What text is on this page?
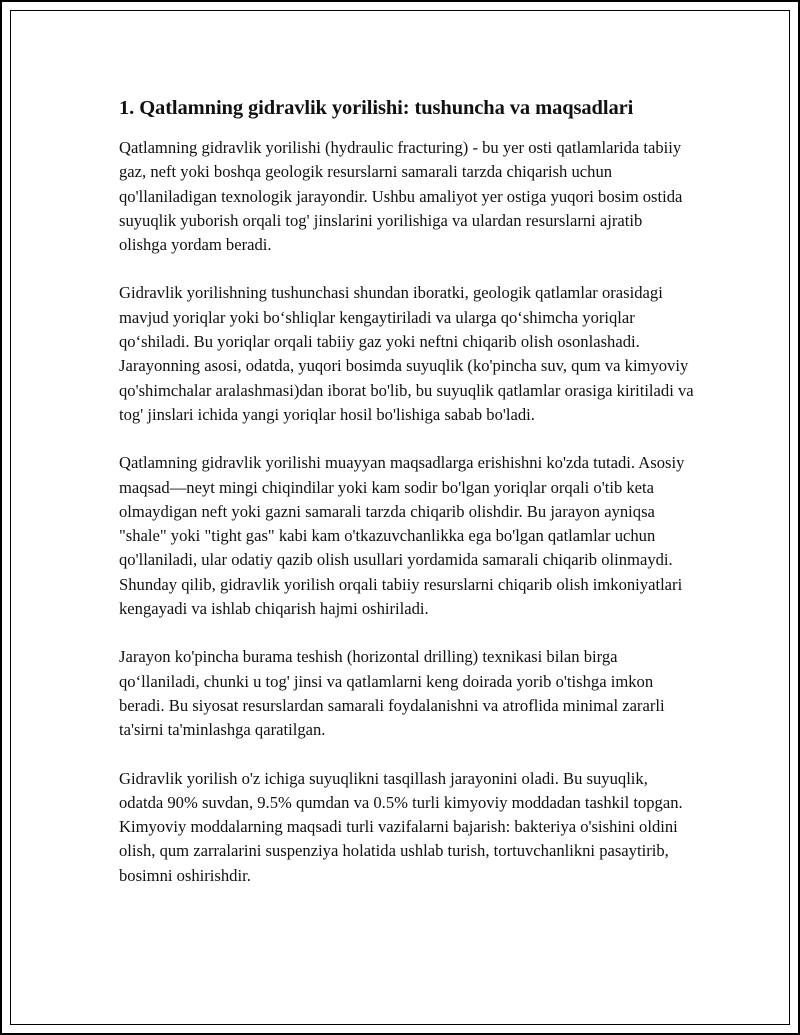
1. Qatlamning gidravlik yorilishi: tushuncha va maqsadlari

Qatlamning gidravlik yorilishi (hydraulic fracturing) - bu yer osti qatlamlarida tabiiy gaz, neft yoki boshqa geologik resurslarni samarali tarzda chiqarish uchun qo'llaniladigan texnologik jarayondir. Ushbu amaliyot yer ostiga yuqori bosim ostida suyuqlik yuborish orqali tog' jinslarini yorilishiga va ulardan resurslarni ajratib olishga yordam beradi.

Gidravlik yorilishning tushunchasi shundan iboratki, geologik qatlamlar orasidagi mavjud yoriqlar yoki bo‘shliqlar kengaytiriladi va ularga qo‘shimcha yoriqlar qo‘shiladi. Bu yoriqlar orqali tabiiy gaz yoki neftni chiqarib olish osonlashadi. Jarayonning asosi, odatda, yuqori bosimda suyuqlik (ko'pincha suv, qum va kimyoviy qo'shimchalar aralashmasi)dan iborat bo'lib, bu suyuqlik qatlamlar orasiga kiritiladi va tog' jinslari ichida yangi yoriqlar hosil bo'lishiga sabab bo'ladi.

Qatlamning gidravlik yorilishi muayyan maqsadlarga erishishni ko'zda tutadi. Asosiy maqsad—neyt mingi chiqindilar yoki kam sodir bo'lgan yoriqlar orqali o'tib keta olmaydigan neft yoki gazni samarali tarzda chiqarib olishdir. Bu jarayon ayniqsa "shale" yoki "tight gas" kabi kam o'tkazuvchanlikka ega bo'lgan qatlamlar uchun qo'llaniladi, ular odatiy qazib olish usullari yordamida samarali chiqarib olinmaydi. Shunday qilib, gidravlik yorilish orqali tabiiy resurslarni chiqarib olish imkoniyatlari kengayadi va ishlab chiqarish hajmi oshiriladi.

Jarayon ko'pincha burama teshish (horizontal drilling) texnikasi bilan birga qo‘llaniladi, chunki u tog' jinsi va qatlamlarni keng doirada yorib o'tishga imkon beradi. Bu siyosat resurslardan samarali foydalanishni va atroflida minimal zararli ta'sirni ta'minlashga qaratilgan.

Gidravlik yorilish o'z ichiga suyuqlikni tasqillash jarayonini oladi. Bu suyuqlik, odatda 90% suvdan, 9.5% qumdan va 0.5% turli kimyoviy moddadan tashkil topgan. Kimyoviy moddalarning maqsadi turli vazifalarni bajarish: bakteriya o'sishini oldini olish, qum zarralarini suspenziya holatida ushlab turish, tortuvchanlikni pasaytirib, bosimni oshirishdir.
